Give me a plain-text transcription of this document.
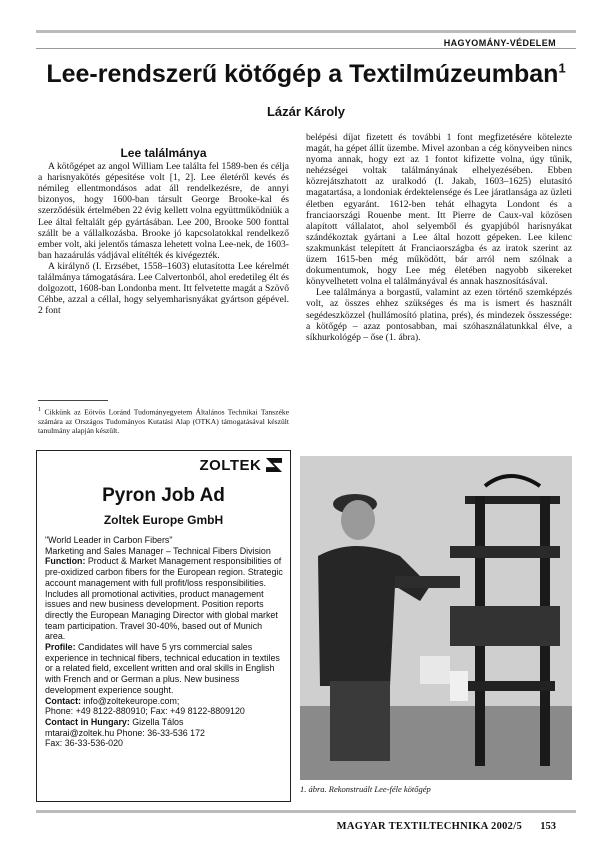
HAGYOMÁNY-VÉDELEM
Lee-rendszerű kötőgép a Textilmúzeumban$^1$
Lázár Károly

Lee találmánya

A kötőgépet az angol William Lee találta fel 1589-ben és célja a harisnyakötés gépesítése volt [1, 2]. Lee életéről kevés és némileg ellentmondásos adat áll rendelkezésre, de annyi bizonyos, hogy 1600-ban társult George Brooke-kal és szerződésük értelmében 22 évig kellett volna együttműködniük a Lee által feltalált gép gyártásában. Lee 200, Brooke 500 fonttal szállt be a vállalkozásba. Brooke jó kapcsolatokkal rendelkező ember volt, aki jelentős támasza lehetett volna Lee-nek, de 1603-ban hazaárulás vádjával elítélték és kivégezték.

A királynő (I. Erzsébet, 1558–1603) elutasította Lee kérelmét találmánya támogatására. Lee Calvertonból, ahol eredetileg élt és dolgozott, 1608-ban Londonba ment. Itt felvetette magát a Szövő Céhbe, azzal a céllal, hogy selyemharisnyákat gyártson gépével. 2 font

$^1$ Cikkünk az Eötvös Loránd Tudományegyetem Általános Technikai Tanszéke számára az Országos Tudományos Kutatási Alap (OTKA) támogatásával készült tanulmány alapján készült.

belépési díjat fizetett és további 1 font megfizetésére kötelezte magát, ha gépet állít üzembe. Mivel azonban a cég könyveiben nincs nyoma annak, hogy ezt az 1 fontot kifizette volna, úgy tűnik, nehézségei voltak találmányának elhelyezésében. Ebben közrejátszhatott az uralkodó (I. Jakab, 1603–1625) elutasító magatartása, a londoniak érdektelensége és Lee járatlansága az üzleti életben egyaránt. 1612-ben tehát elhagyta Londont és a franciaországi Rouenbe ment. Itt Pierre de Caux-val közösen alapított vállalatot, ahol selyemből és gyapjúból harisnyákat szándékoztak gyártani a Lee által hozott gépeken. Lee kilenc szakmunkást telepített át Franciaországba és az iratok szerint az üzem 1615-ben még működött, bár arról nem szólnak a dokumentumok, hogy Lee még életében nagyobb sikereket könyvelhetett volna el találmányával és annak hasznosításával.

Lee találmánya a borgastű, valamint az ezen történő szemképzés volt, az összes ehhez szükséges és ma is ismert és használt segédeszközzel (hullámosító platina, prés), és mindezek összessége: a kötőgép – azaz pontosabban, mai szóhasználatunkkal élve, a síkhurkológép – őse (1. ábra).

ZOLTEK
Pyron Job Ad
Zoltek Europe GmbH
"World Leader in Carbon Fibers"
Marketing and Sales Manager – Technical Fibers Division
Function: Product & Market Management responsibilities of pre-oxidized carbon fibers for the European region. Strategic account management with full profit/loss responsibilities. Includes all promotional activities, product management issues and new business development. Position reports directly the European Managing Director with global market team participation. Travel 30-40%, based out of Munich area.
Profile: Candidates will have 5 yrs commercial sales experience in technical fibers, technical education in textiles or a related field, excellent written and oral skills in English with French and or German a plus. New business development experience sought.
Contact: info@zoltekeurope.com;
Phone: +49 8122-880910; Fax: +49 8122-8809120
Contact in Hungary: Gizella Tálos
mtarai@zoltek.hu Phone: 36-33-536 172
Fax: 36-33-536-020
1. ábra. Rekonstruált Lee-féle kötőgép
MAGYAR TEXTILTECHNIKA 2002/5 153
